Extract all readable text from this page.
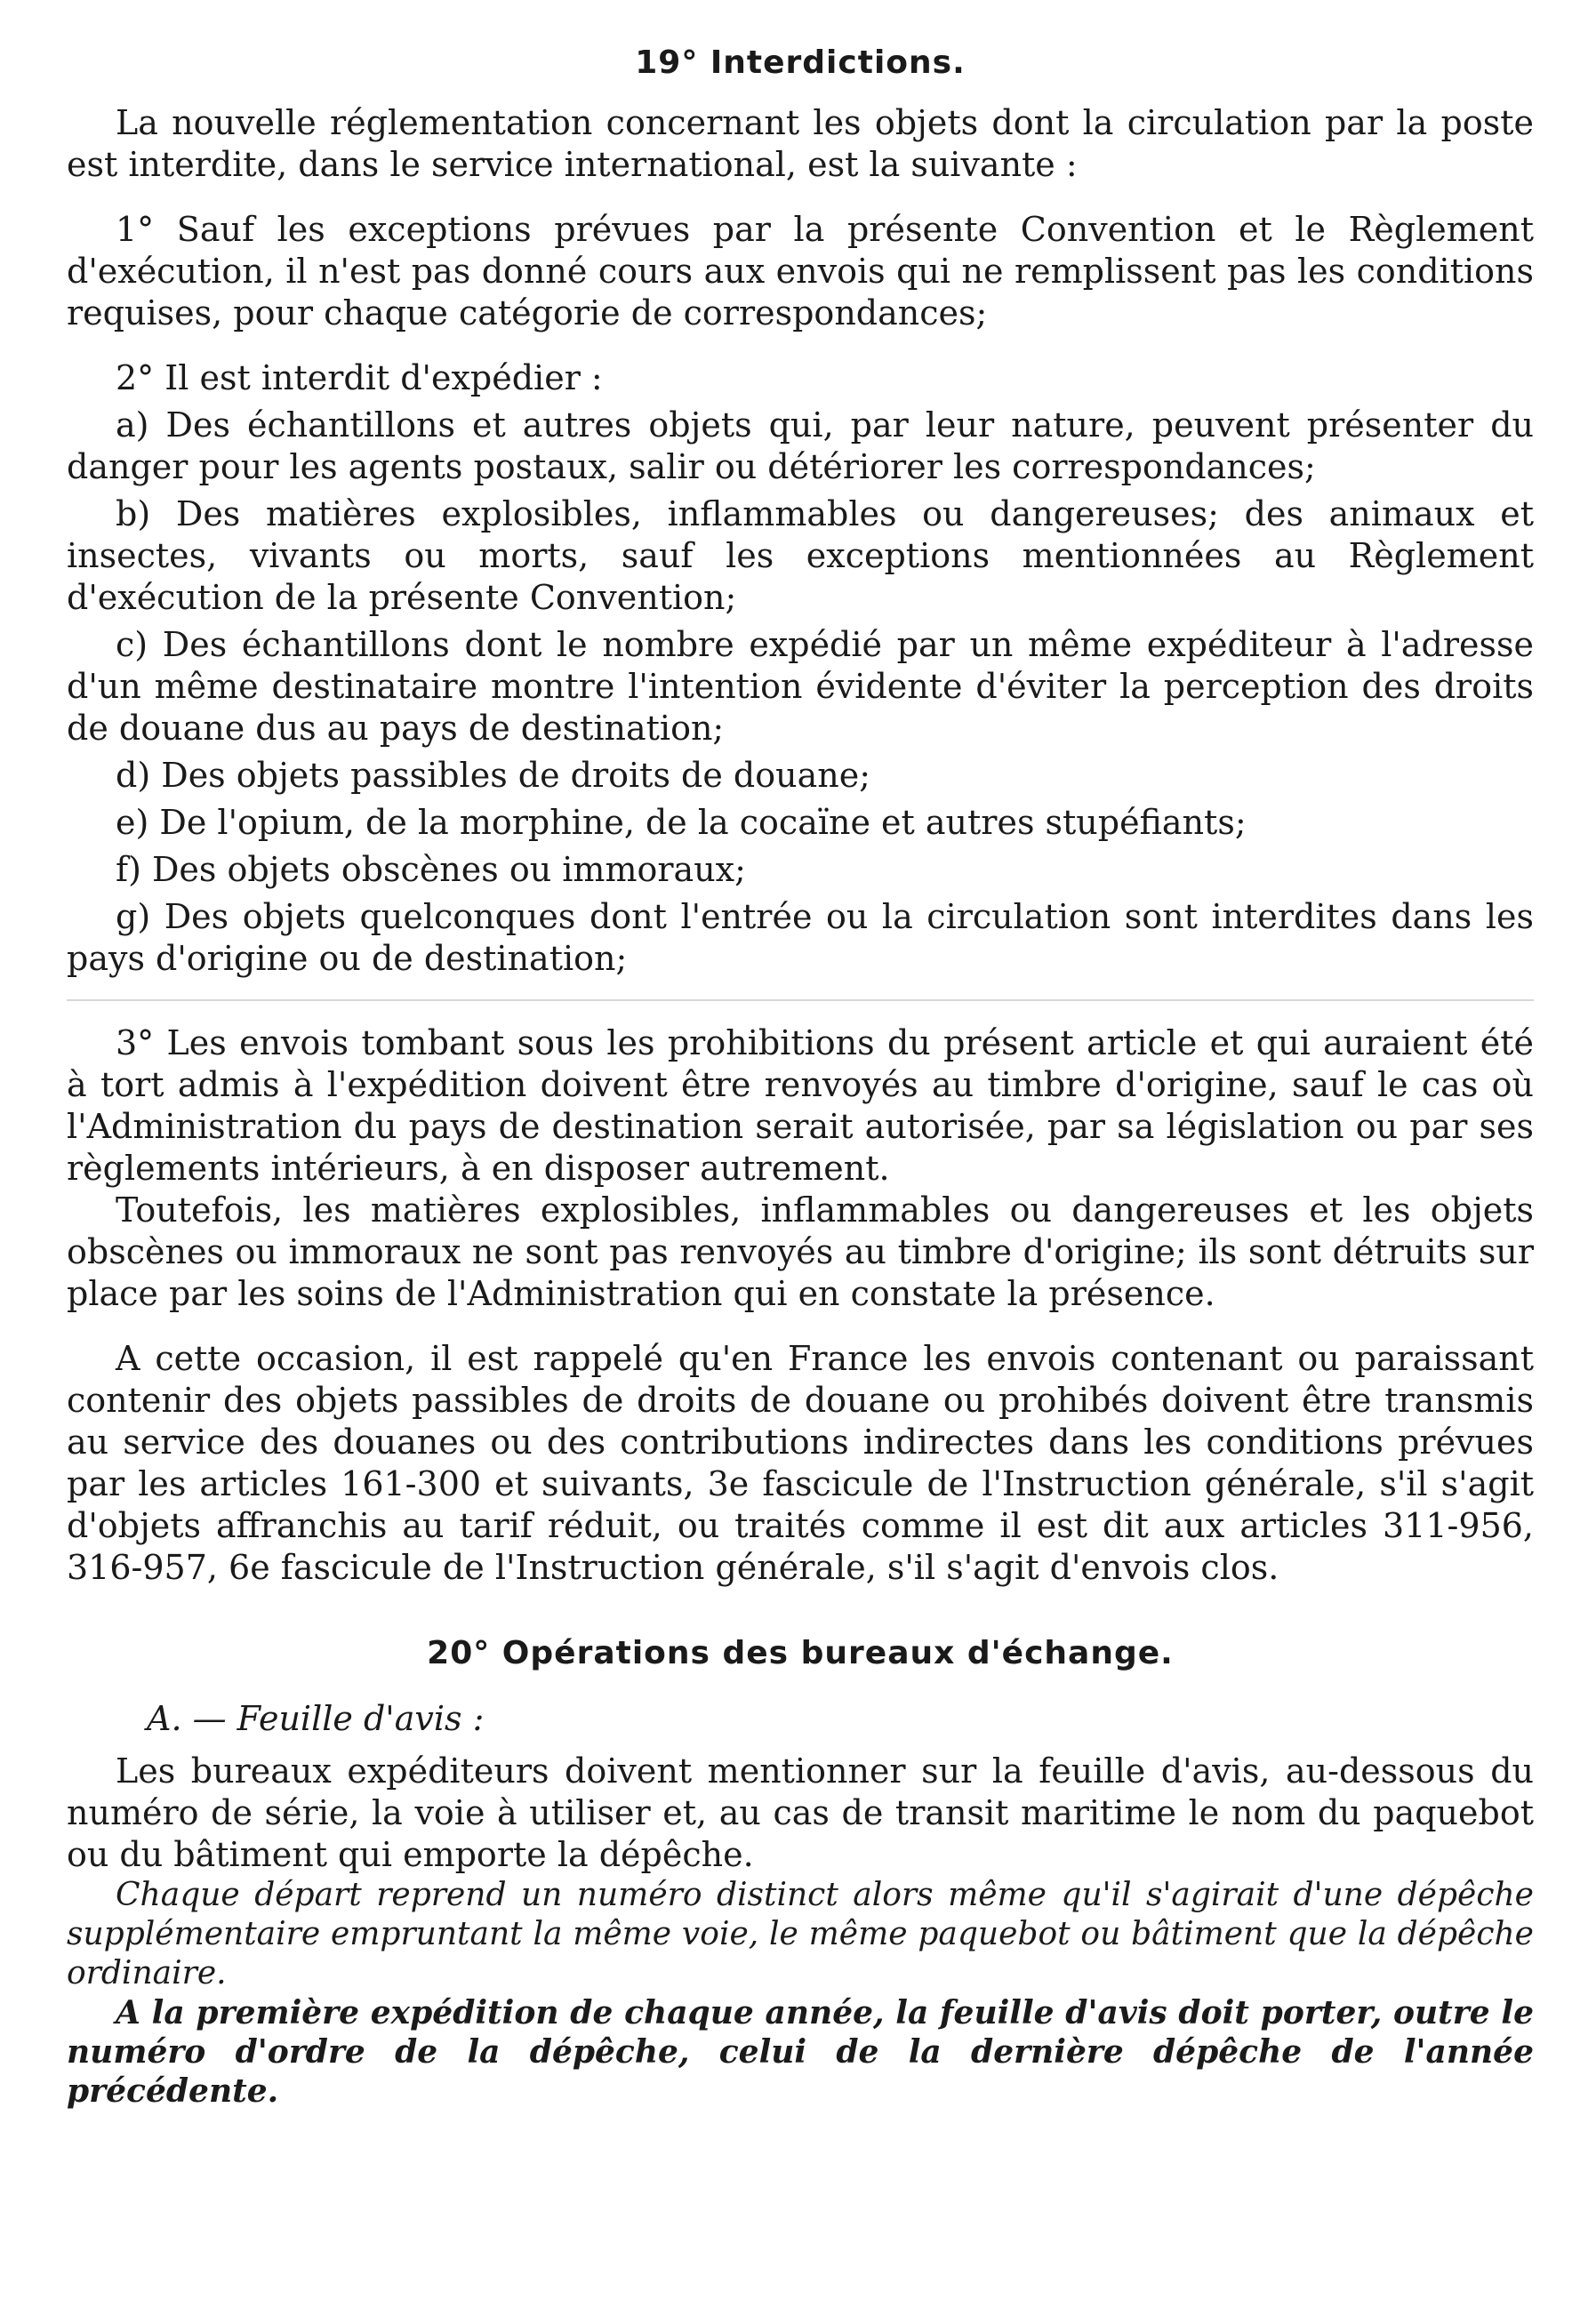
19° Interdictions.

La nouvelle réglementation concernant les objets dont la circulation par la poste est interdite, dans le service international, est la suivante :

1° Sauf les exceptions prévues par la présente Convention et le Règlement d'exécution, il n'est pas donné cours aux envois qui ne remplissent pas les conditions requises, pour chaque catégorie de correspondances;

2° Il est interdit d'expédier :

a) Des échantillons et autres objets qui, par leur nature, peuvent présenter du danger pour les agents postaux, salir ou détériorer les correspondances;

b) Des matières explosibles, inflammables ou dangereuses; des animaux et insectes, vivants ou morts, sauf les exceptions mentionnées au Règlement d'exécution de la présente Convention;

c) Des échantillons dont le nombre expédié par un même expéditeur à l'adresse d'un même destinataire montre l'intention évidente d'éviter la perception des droits de douane dus au pays de destination;

d) Des objets passibles de droits de douane;

e) De l'opium, de la morphine, de la cocaïne et autres stupéfiants;

f) Des objets obscènes ou immoraux;

g) Des objets quelconques dont l'entrée ou la circulation sont interdites dans les pays d'origine ou de destination;

3° Les envois tombant sous les prohibitions du présent article et qui auraient été à tort admis à l'expédition doivent être renvoyés au timbre d'origine, sauf le cas où l'Administration du pays de destination serait autorisée, par sa législation ou par ses règlements intérieurs, à en disposer autrement.

Toutefois, les matières explosibles, inflammables ou dangereuses et les objets obscènes ou immoraux ne sont pas renvoyés au timbre d'origine; ils sont détruits sur place par les soins de l'Administration qui en constate la présence.

A cette occasion, il est rappelé qu'en France les envois contenant ou paraissant contenir des objets passibles de droits de douane ou prohibés doivent être transmis au service des douanes ou des contributions indirectes dans les conditions prévues par les articles 161-300 et suivants, 3e fascicule de l'Instruction générale, s'il s'agit d'objets affranchis au tarif réduit, ou traités comme il est dit aux articles 311-956, 316-957, 6e fascicule de l'Instruction générale, s'il s'agit d'envois clos.

20° Opérations des bureaux d'échange.
A. — Feuille d'avis :

Les bureaux expéditeurs doivent mentionner sur la feuille d'avis, au-dessous du numéro de série, la voie à utiliser et, au cas de transit maritime le nom du paquebot ou du bâtiment qui emporte la dépêche.

Chaque départ reprend un numéro distinct alors même qu'il s'agirait d'une dépêche supplémentaire empruntant la même voie, le même paquebot ou bâtiment que la dépêche ordinaire.

A la première expédition de chaque année, la feuille d'avis doit porter, outre le numéro d'ordre de la dépêche, celui de la dernière dépêche de l'année précédente.
